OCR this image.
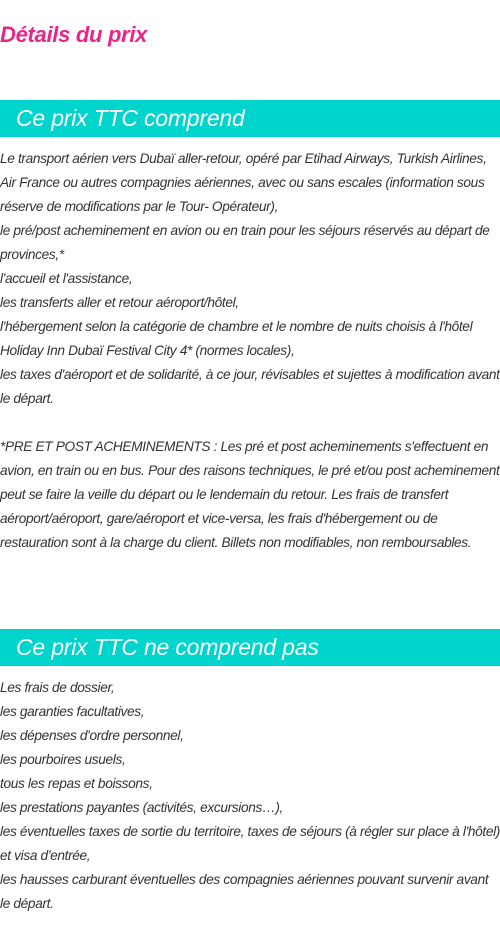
Détails du prix
Ce prix TTC comprend

Le transport aérien vers Dubaï aller-retour, opéré par Etihad Airways, Turkish Airlines, Air France ou autres compagnies aériennes, avec ou sans escales (information sous réserve de modifications par le Tour- Opérateur),

le pré/post acheminement en avion ou en train pour les séjours réservés au départ de provinces,*

l'accueil et l'assistance,

les transferts aller et retour aéroport/hôtel,

l'hébergement selon la catégorie de chambre et le nombre de nuits choisis à l'hôtel Holiday Inn Dubaï Festival City 4* (normes locales),

les taxes d'aéroport et de solidarité, à ce jour, révisables et sujettes à modification avant le départ.

*PRE ET POST ACHEMINEMENTS : Les pré et post acheminements s'effectuent en avion, en train ou en bus. Pour des raisons techniques, le pré et/ou post acheminement peut se faire la veille du départ ou le lendemain du retour. Les frais de transfert aéroport/aéroport, gare/aéroport et vice-versa, les frais d'hébergement ou de restauration sont à la charge du client. Billets non modifiables, non remboursables.

Ce prix TTC ne comprend pas

Les frais de dossier,

les garanties facultatives,

les dépenses d'ordre personnel,

les pourboires usuels,

tous les repas et boissons,

les prestations payantes (activités, excursions…),

les éventuelles taxes de sortie du territoire, taxes de séjours (à régler sur place à l'hôtel) et visa d'entrée,

les hausses carburant éventuelles des compagnies aériennes pouvant survenir avant le départ.
